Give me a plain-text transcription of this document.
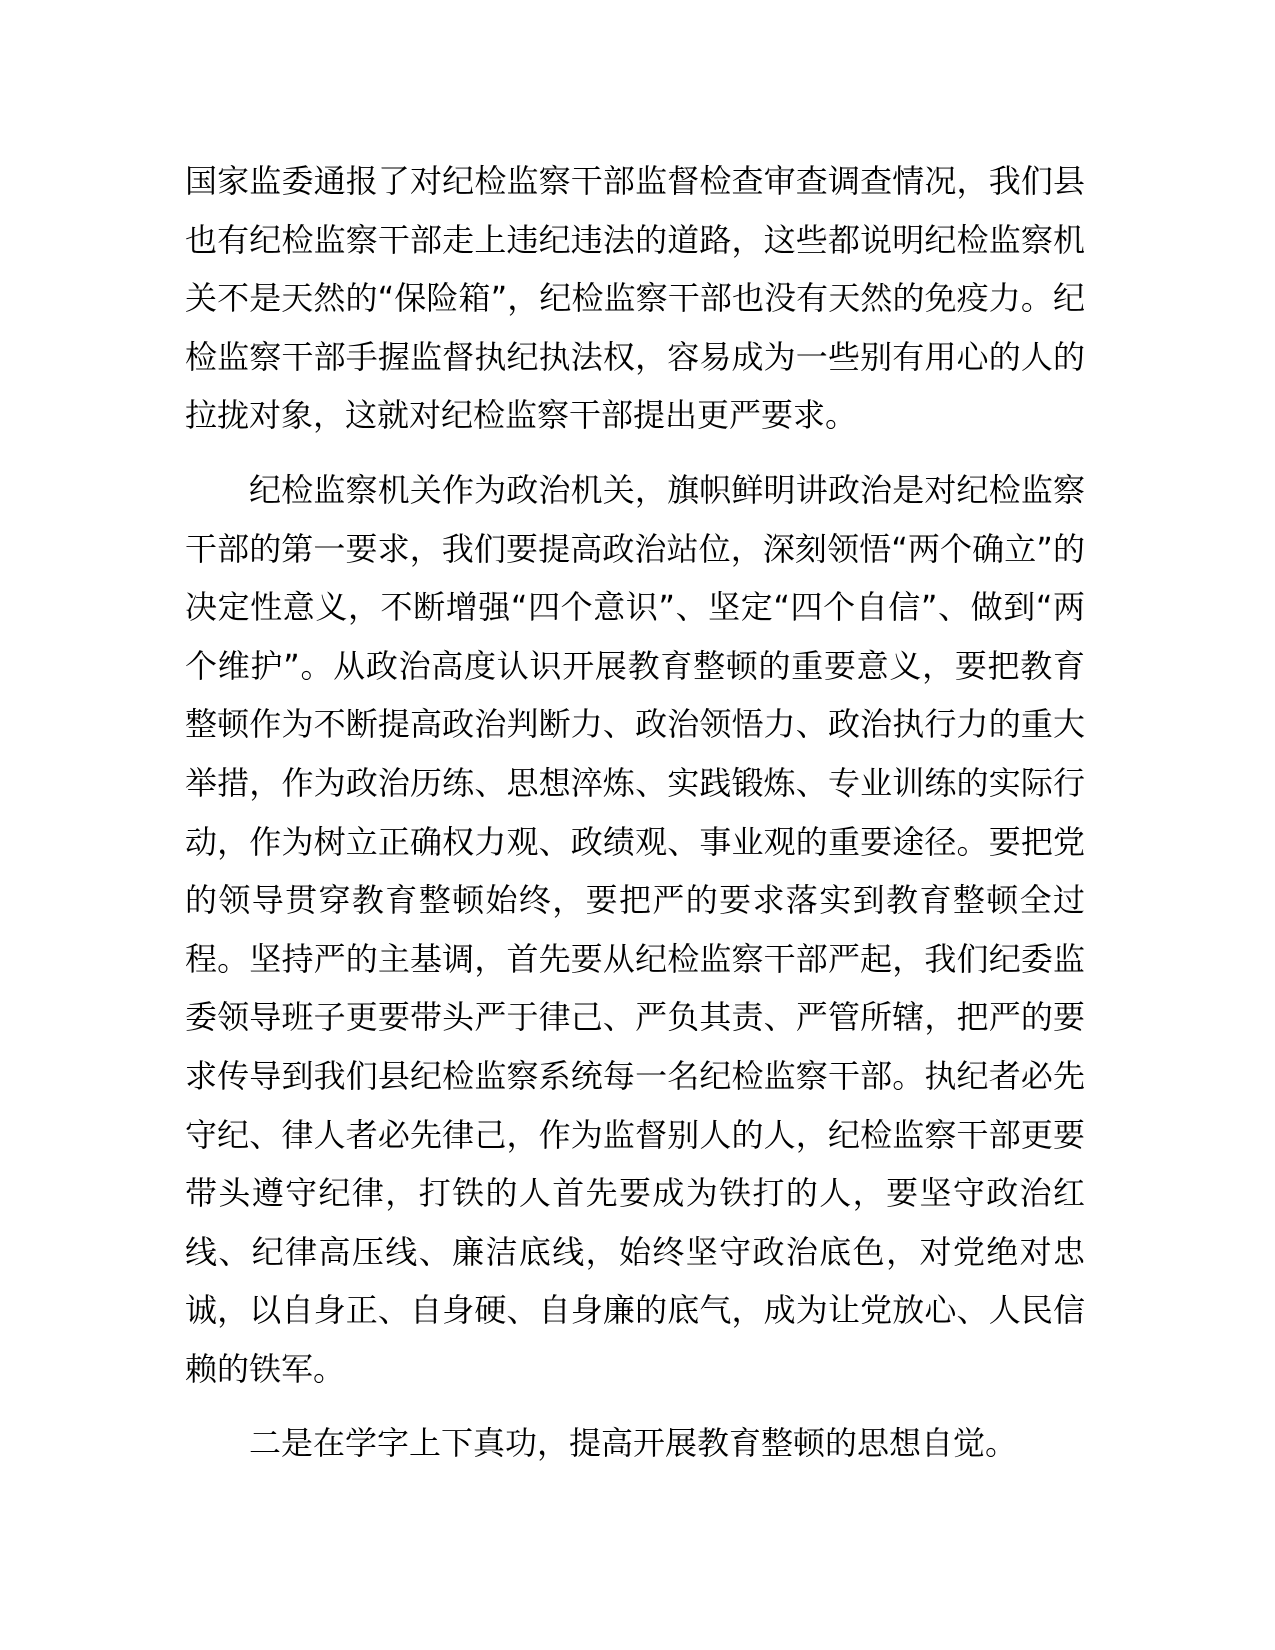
国家监委通报了对纪检监察干部监督检查审查调查情况，我们县也有纪检监察干部走上违纪违法的道路，这些都说明纪检监察机关不是天然的“保险箱”，纪检监察干部也没有天然的免疫力。纪检监察干部手握监督执纪执法权，容易成为一些别有用心的人的拉拢对象，这就对纪检监察干部提出更严要求。

纪检监察机关作为政治机关，旗帜鲜明讲政治是对纪检监察干部的第一要求，我们要提高政治站位，深刻领悟“两个确立”的决定性意义，不断增强“四个意识”、坚定“四个自信”、做到“两个维护”。从政治高度认识开展教育整顿的重要意义，要把教育整顿作为不断提高政治判断力、政治领悟力、政治执行力的重大举措，作为政治历练、思想淬炼、实践锻炼、专业训练的实际行动，作为树立正确权力观、政绩观、事业观的重要途径。要把党的领导贯穿教育整顿始终，要把严的要求落实到教育整顿全过程。坚持严的主基调，首先要从纪检监察干部严起，我们纪委监委领导班子更要带头严于律己、严负其责、严管所辖，把严的要求传导到我们县纪检监察系统每一名纪检监察干部。执纪者必先守纪、律人者必先律己，作为监督别人的人，纪检监察干部更要带头遵守纪律，打铁的人首先要成为铁打的人，要坚守政治红线、纪律高压线、廉洁底线，始终坚守政治底色，对党绝对忠诚，以自身正、自身硬、自身廉的底气，成为让党放心、人民信赖的铁军。

二是在学字上下真功，提高开展教育整顿的思想自觉。
